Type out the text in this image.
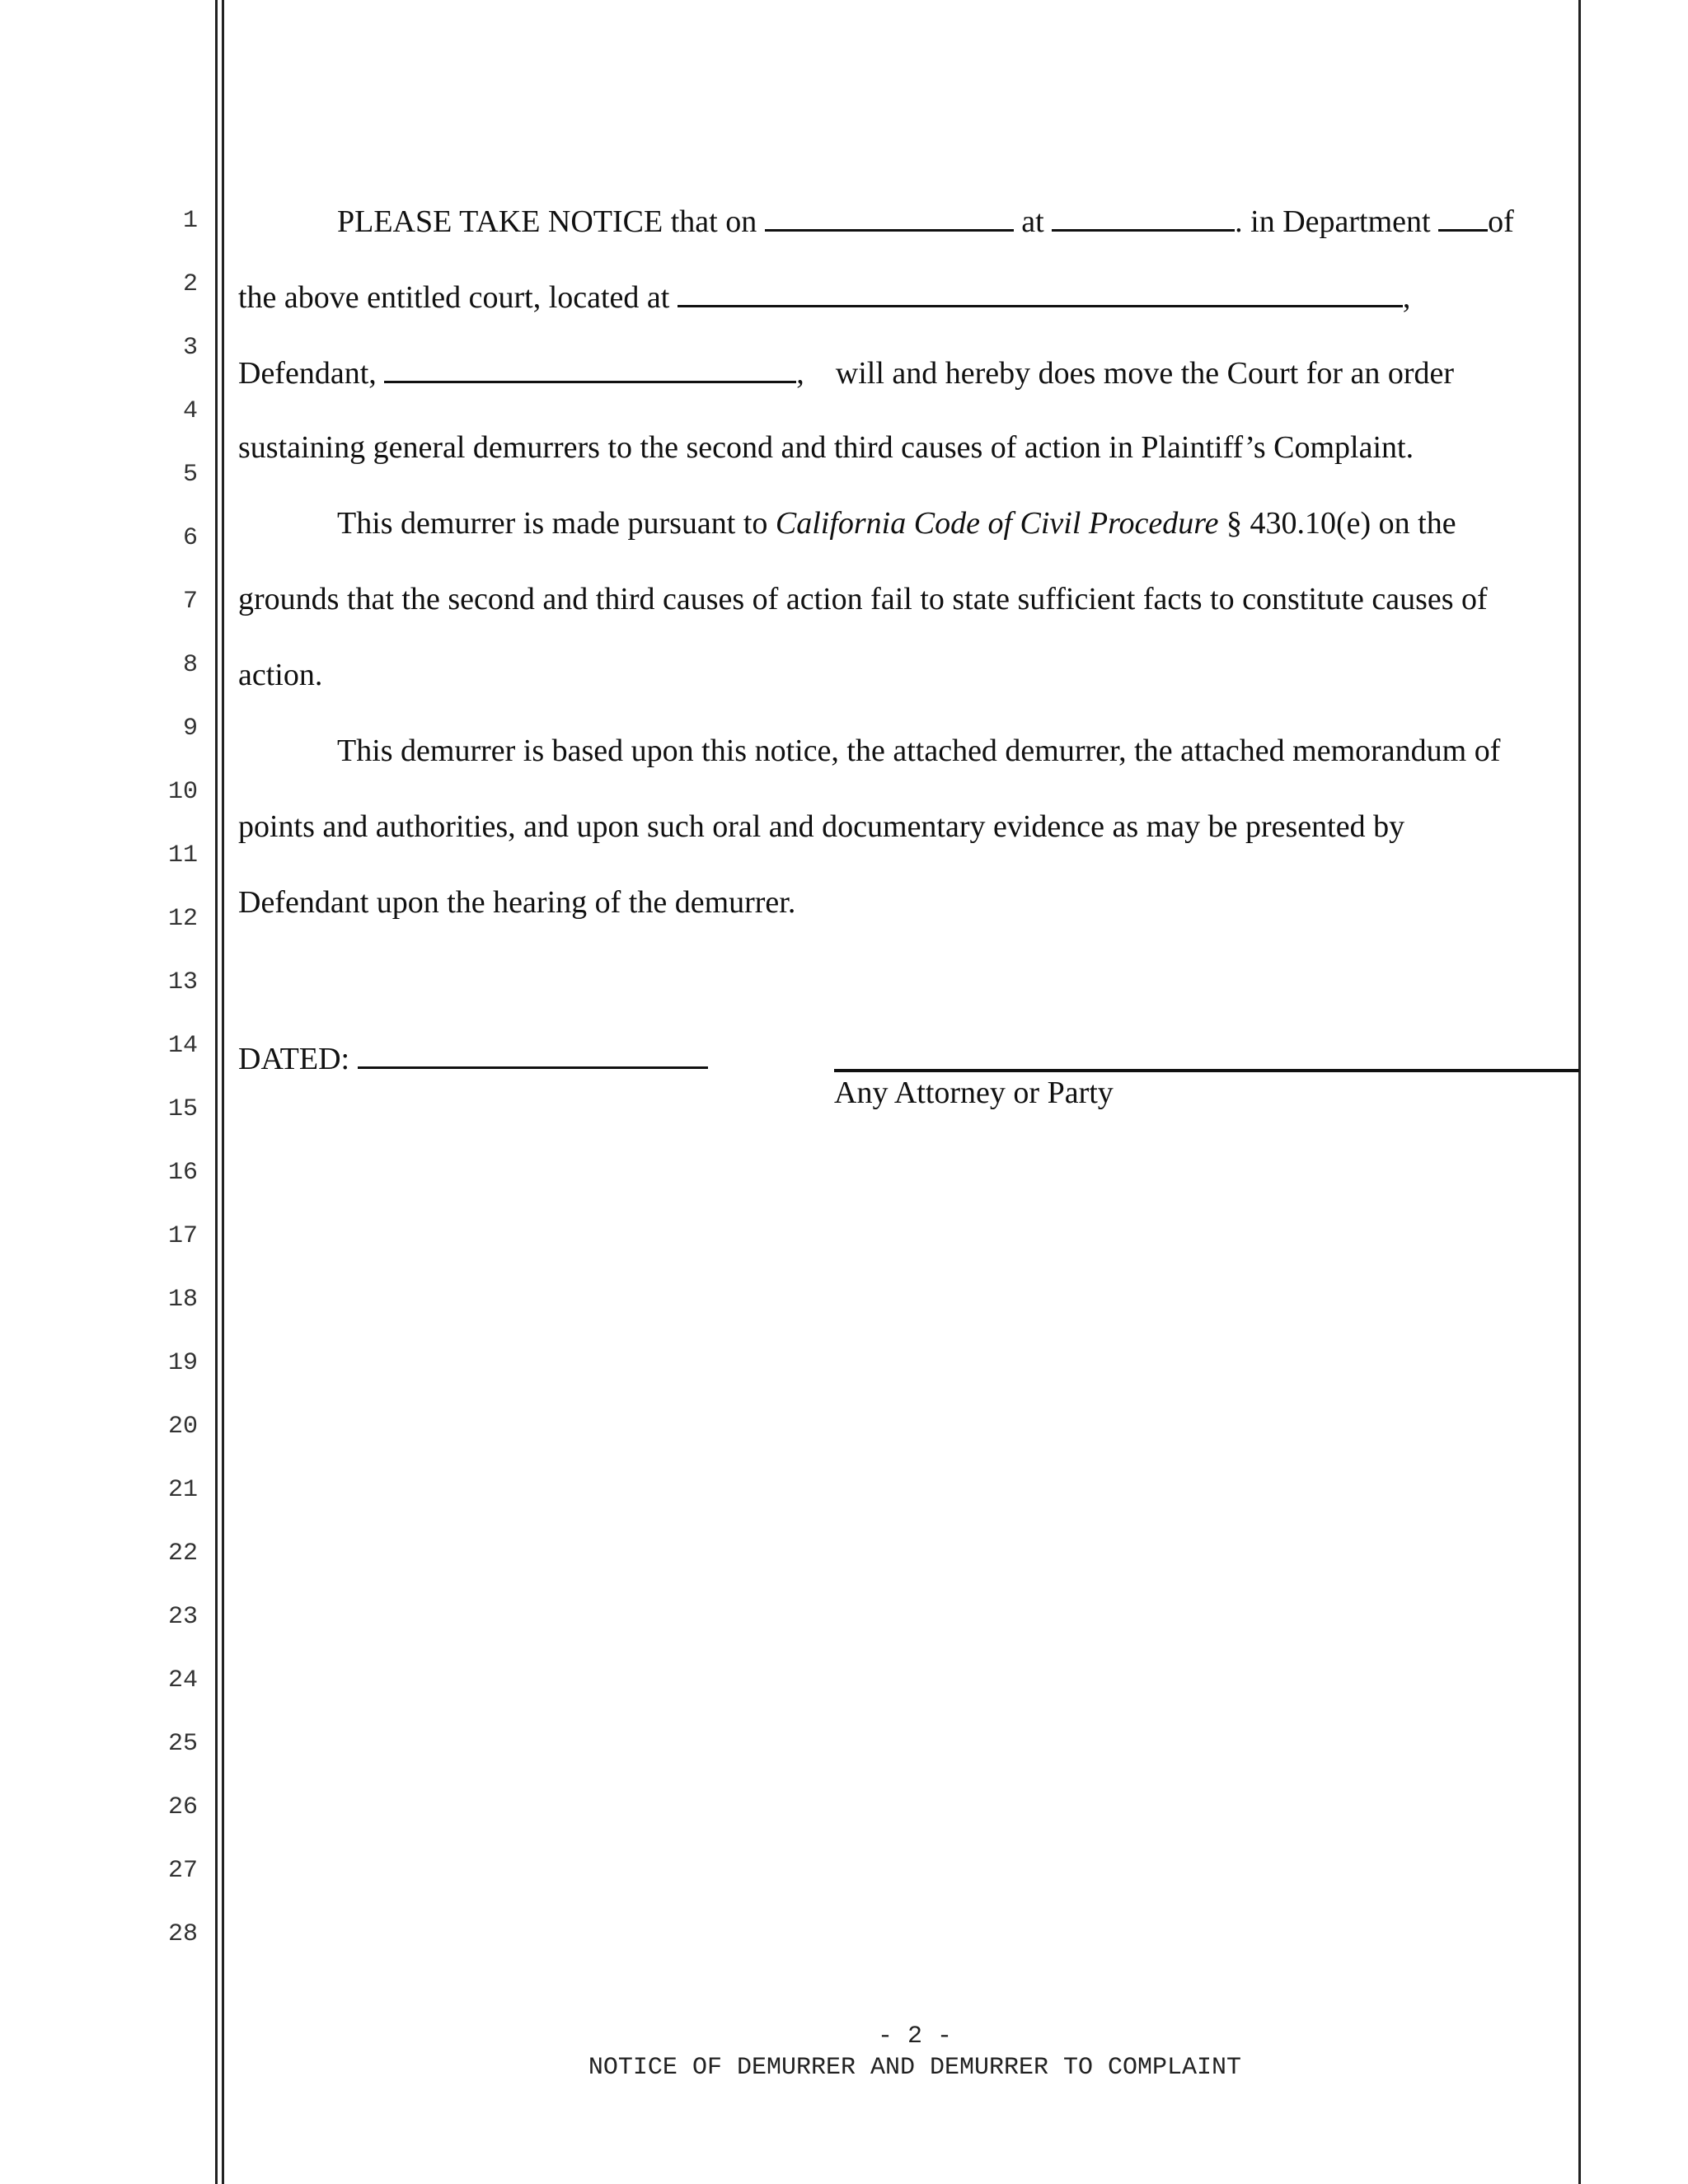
1
2
3
4
5
6
7
8
9
10
11
12
13
14
15
16
17
18
19
20
21
22
23
24
25
26
27
28
PLEASE TAKE NOTICE that on	at	. in Department of
the above entitled court, located at	,
Defendant,	,    will and hereby does move the Court for an order
sustaining general demurrers to the second and third causes of action in Plaintiff’s Complaint.
This demurrer is made pursuant to California Code of Civil Procedure § 430.10(e) on the
grounds that the second and third causes of action fail to state sufficient facts to constitute causes of
action.
This demurrer is based upon this notice, the attached demurrer, the attached memorandum of
points and authorities, and upon such oral and documentary evidence as may be presented by
Defendant upon the hearing of the demurrer.
DATED:
Any Attorney or Party
- 2 -
NOTICE OF DEMURRER AND DEMURRER TO COMPLAINT
